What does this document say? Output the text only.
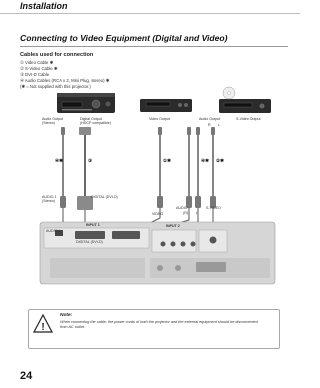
Installation
Connecting to Video Equipment (Digital and Video)
Cables used for connection
① Video Cable ✱
② S-Video Cable ✱
③ DVI-D Cable
④ Audio Cables (RCA x 2, Mini Plug, stereo) ✱
(✱ = Not supplied with this projector.)
!
Audio Output
(Stereo)
Digital Output
(HDCP compatible)
Video Output	Audio Output
R L
S-Video Output
④✱	③	①✱	④✱ ②✱
AUDIO-1
(Stereo)
DIGITAL (DVI-D)
VIDEO
AUDIO
(R) L
S-VIDEO
INPUT 1	INPUT 2
AUDIO 1
DIGITAL (DVI-D)
Note:
When connecting the cable, the power cords of both the projector and the external equipment should be disconnected from AC outlet.
24
